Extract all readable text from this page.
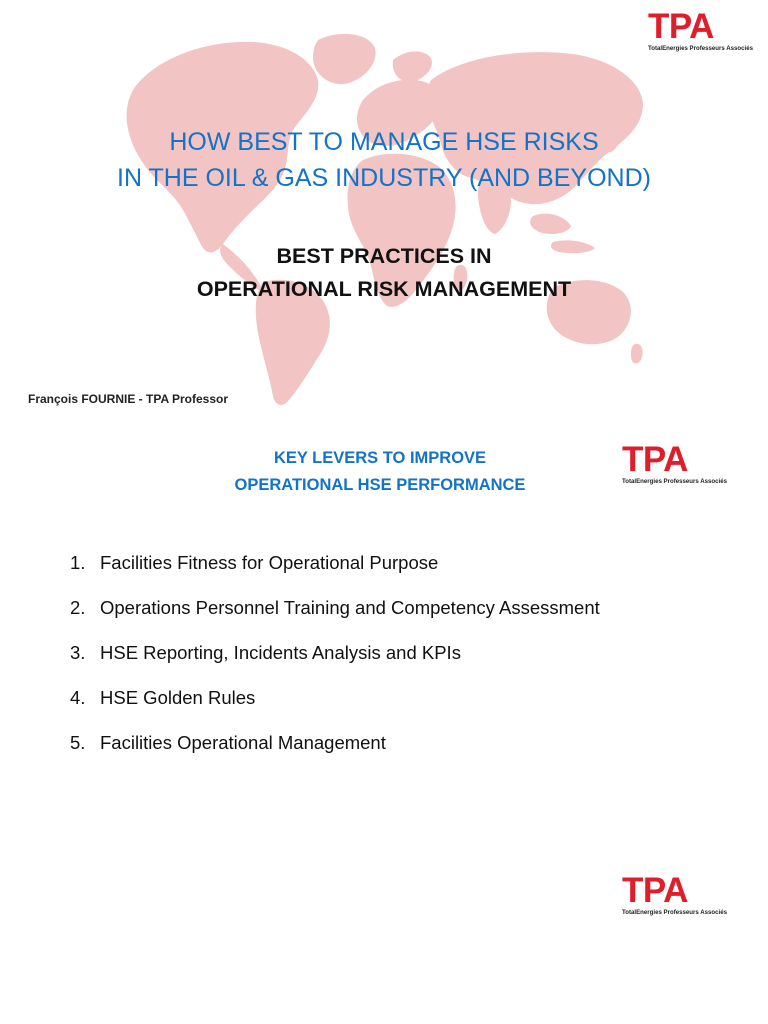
TPA
TotalEnergies Professeurs Associés
HOW BEST TO MANAGE HSE RISKS
IN THE OIL & GAS INDUSTRY (AND BEYOND)
BEST PRACTICES IN
OPERATIONAL RISK MANAGEMENT
François FOURNIE - TPA Professor
TPA
TotalEnergies Professeurs Associés
KEY LEVERS TO IMPROVE
OPERATIONAL HSE PERFORMANCE
1. Facilities Fitness for Operational Purpose
2. Operations Personnel Training and Competency Assessment
3. HSE Reporting, Incidents Analysis and KPIs
4. HSE Golden Rules
5. Facilities Operational Management
TPA
TotalEnergies Professeurs Associés
